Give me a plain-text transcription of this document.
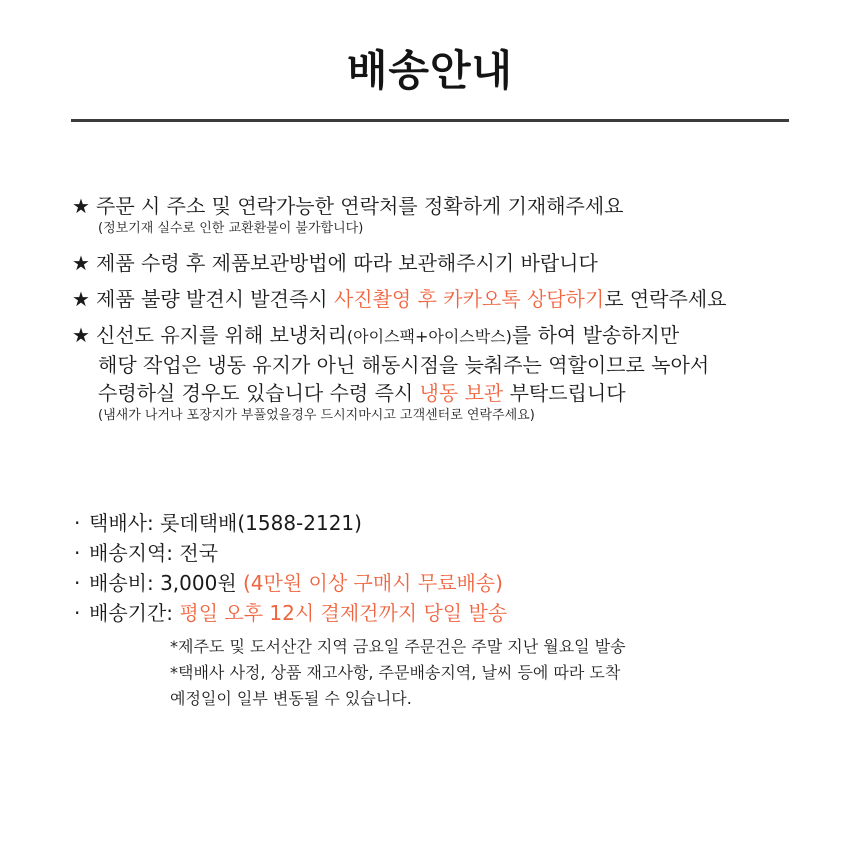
배송안내
★ 주문 시 주소 및 연락가능한 연락처를 정확하게 기재해주세요
(정보기재 실수로 인한 교환환불이 불가합니다)
★ 제품 수령 후 제품보관방법에 따라 보관해주시기 바랍니다
★ 제품 불량 발견시 발견즉시 사진촬영 후 카카오톡 상담하기로 연락주세요
★ 신선도 유지를 위해 보냉처리(아이스팩+아이스박스)를 하여 발송하지만
해당 작업은 냉동 유지가 아닌 해동시점을 늦춰주는 역할이므로 녹아서
수령하실 경우도 있습니다 수령 즉시 냉동 보관 부탁드립니다
(냄새가 나거나 포장지가 부풀었을경우 드시지마시고 고객센터로 연락주세요)
· 택배사: 롯데택배(1588-2121)
· 배송지역: 전국
· 배송비: 3,000원 (4만원 이상 구매시 무료배송)
· 배송기간: 평일 오후 12시 결제건까지 당일 발송
*제주도 및 도서산간 지역 금요일 주문건은 주말 지난 월요일 발송
*택배사 사정, 상품 재고사항, 주문배송지역, 날씨 등에 따라 도착
예정일이 일부 변동될 수 있습니다.
